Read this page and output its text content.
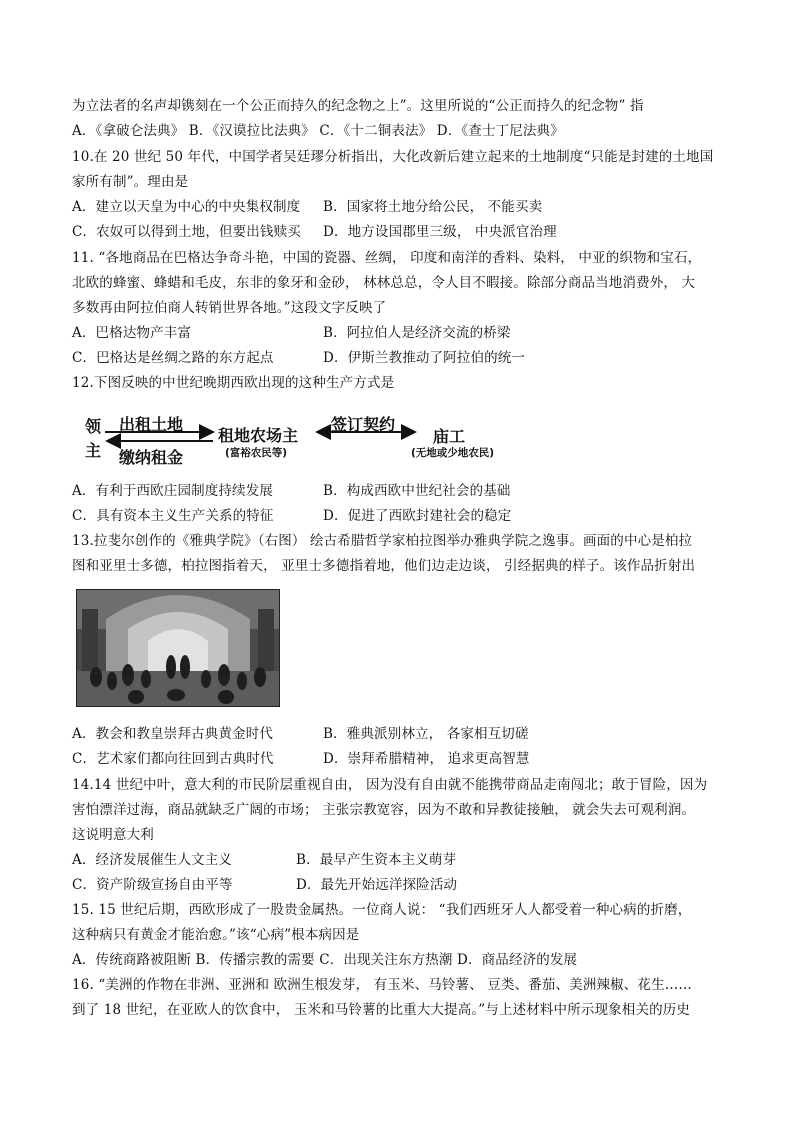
为立法者的名声却镌刻在一个公正而持久的纪念物之上”。这里所说的“公正而持久的纪念物” 指
A．《拿破仑法典》 B．《汉谟拉比法典》 C．《十二铜表法》 D．《查士丁尼法典》
10.在 20 世纪 50 年代，中国学者吴廷璆分析指出，大化改新后建立起来的土地制度“只能是封建的土地国
家所有制”。理由是
A．建立以天皇为中心的中央集权制度 B．国家将土地分给公民， 不能买卖
C．农奴可以得到土地，但要出钱赎买 D．地方设国郡里三级， 中央派官治理
11. “各地商品在巴格达争奇斗艳，中国的瓷器、丝绸， 印度和南洋的香料、染料， 中亚的织物和宝石，
北欧的蜂蜜、蜂蜡和毛皮，东非的象牙和金砂， 林林总总，令人目不暇接。除部分商品当地消费外， 大
多数再由阿拉伯商人转销世界各地。”这段文字反映了
A．巴格达物产丰富	B．阿拉伯人是经济交流的桥梁
C．巴格达是丝绸之路的东方起点	D．伊斯兰教推动了阿拉伯的统一
12.下图反映的中世纪晚期西欧出现的这种生产方式是
领
主
出租土地
缴纳租金
租地农场主
(富裕农民等)
签订契约
庙工
(无地或少地农民)
A．有利于西欧庄园制度持续发展	B．构成西欧中世纪社会的基础
C．具有资本主义生产关系的特征	D．促进了西欧封建社会的稳定
13.拉斐尔创作的《雅典学院》（右图） 绘古希腊哲学家柏拉图举办雅典学院之逸事。画面的中心是柏拉
图和亚里士多德，柏拉图指着天， 亚里士多德指着地，他们边走边谈， 引经据典的样子。该作品折射出
A．教会和教皇崇拜古典黄金时代	B．雅典派别林立， 各家相互切磋
C．艺术家们都向往回到古典时代	D．崇拜希腊精神， 追求更高智慧
14.14 世纪中叶，意大利的市民阶层重视自由， 因为没有自由就不能携带商品走南闯北；敢于冒险，因为
害怕漂洋过海，商品就缺乏广阔的市场； 主张宗教宽容，因为不敢和异教徒接触， 就会失去可观利润。
这说明意大利
A．经济发展催生人文主义	B．最早产生资本主义萌芽
C．资产阶级宣扬自由平等	D．最先开始远洋探险活动
15. 15 世纪后期，西欧形成了一股贵金属热。一位商人说： “我们西班牙人人都受着一种心病的折磨，
这种病只有黄金才能治愈。”该“心病”根本病因是
A．传统商路被阻断 B．传播宗教的需要 C．出现关注东方热潮 D．商品经济的发展
16. “美洲的作物在非洲、亚洲和 欧洲生根发芽， 有玉米、马铃薯、 豆类、番茄、美洲辣椒、花生……
到了 18 世纪，在亚欧人的饮食中， 玉米和马铃薯的比重大大提高。”与上述材料中所示现象相关的历史
